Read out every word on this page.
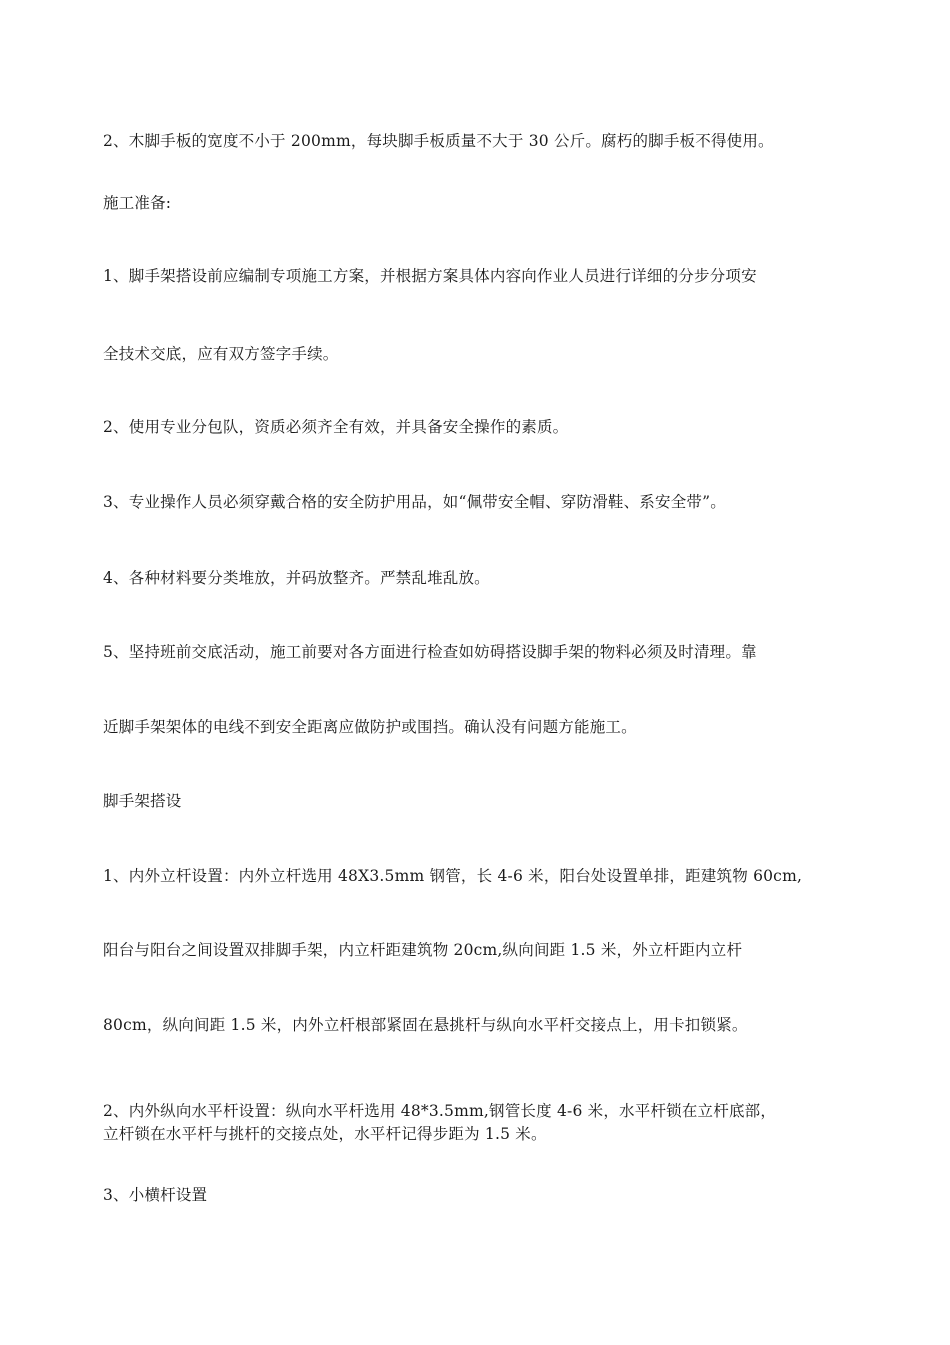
2、木脚手板的宽度不小于 200mm，每块脚手板质量不大于 30 公斤。腐朽的脚手板不得使用。
施工准备:
1、脚手架搭设前应编制专项施工方案，并根据方案具体内容向作业人员进行详细的分步分项安
全技术交底，应有双方签字手续。
2、使用专业分包队，资质必须齐全有效，并具备安全操作的素质。
3、专业操作人员必须穿戴合格的安全防护用品，如“佩带安全帽、穿防滑鞋、系安全带”。
4、各种材料要分类堆放，并码放整齐。严禁乱堆乱放。
5、坚持班前交底活动，施工前要对各方面进行检查如妨碍搭设脚手架的物料必须及时清理。靠
近脚手架架体的电线不到安全距离应做防护或围挡。确认没有问题方能施工。
脚手架搭设
1、内外立杆设置：内外立杆选用 48X3.5mm 钢管，长 4-6 米，阳台处设置单排，距建筑物 60cm,
阳台与阳台之间设置双排脚手架，内立杆距建筑物 20cm,纵向间距 1.5 米，外立杆距内立杆
80cm，纵向间距 1.5 米，内外立杆根部紧固在悬挑杆与纵向水平杆交接点上，用卡扣锁紧。
2、内外纵向水平杆设置：纵向水平杆选用 48*3.5mm,钢管长度 4-6 米，水平杆锁在立杆底部，
立杆锁在水平杆与挑杆的交接点处，水平杆记得步距为 1.5 米。
3、小横杆设置
